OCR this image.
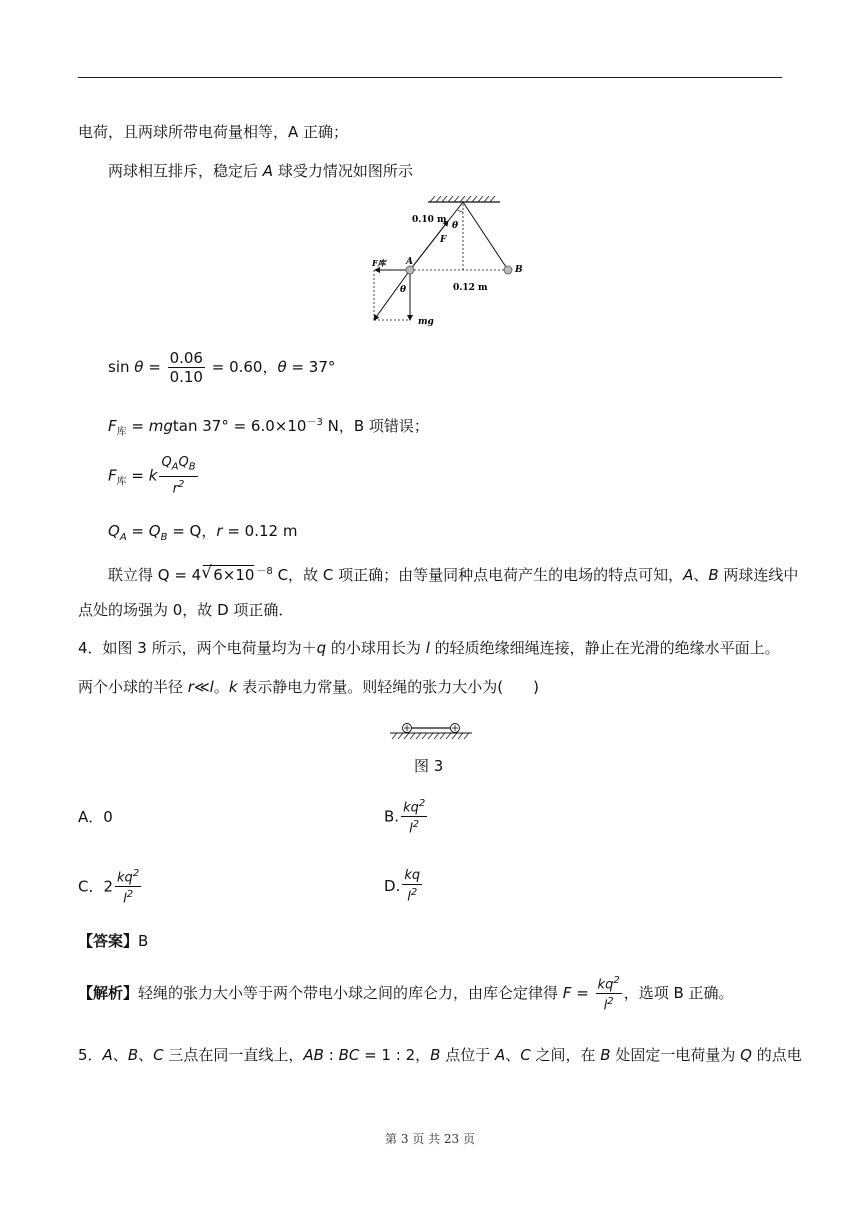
电荷，且两球所带电荷量相等，A 正确；
两球相互排斥，稳定后 A 球受力情况如图所示
0.10 m
θ
F
F库 A
B
0.12 m
θ
mg
$\sin \theta = \frac{0.06}{0.10} = 0.60$，θ = 37°
$F_库 = mgtan$ $37^\circ = 6.0\times 10^{-3}$ N，B 项错误；
$F_库 = k \frac{Q_AQ_B}{r^2}$
$Q_A = Q_B = Q$，r = 0.12 m
联立得 Q = 4√ 6×10 $^{-8}$ C，故 C 项正确；由等量同种点电荷产生的电场的特点可知，A、B 两球连线中
点处的场强为 0，故 D 项正确．
4．如图 3 所示，两个电荷量均为＋q 的小球用长为 l 的轻质绝缘细绳连接，静止在光滑的绝缘水平面上。
两个小球的半径 r≪l。k 表示静电力常量。则轻绳的张力大小为(　　)
图 3
A．0	B. $\frac{kq^2}{l^2}$
C．$2 \frac{kq^2}{l^2}$	D. $\frac{kq}{l^2}$
【答案】B
【解析】轻绳的张力大小等于两个带电小球之间的库仑力，由库仑定律得 $F = \frac{kq^2}{l^2}$ ，选项 B 正确。
5．A、B、C 三点在同一直线上，AB : BC = 1 : 2，B 点位于 A、C 之间，在 B 处固定一电荷量为 Q 的点电
第 3 页 共 23 页
